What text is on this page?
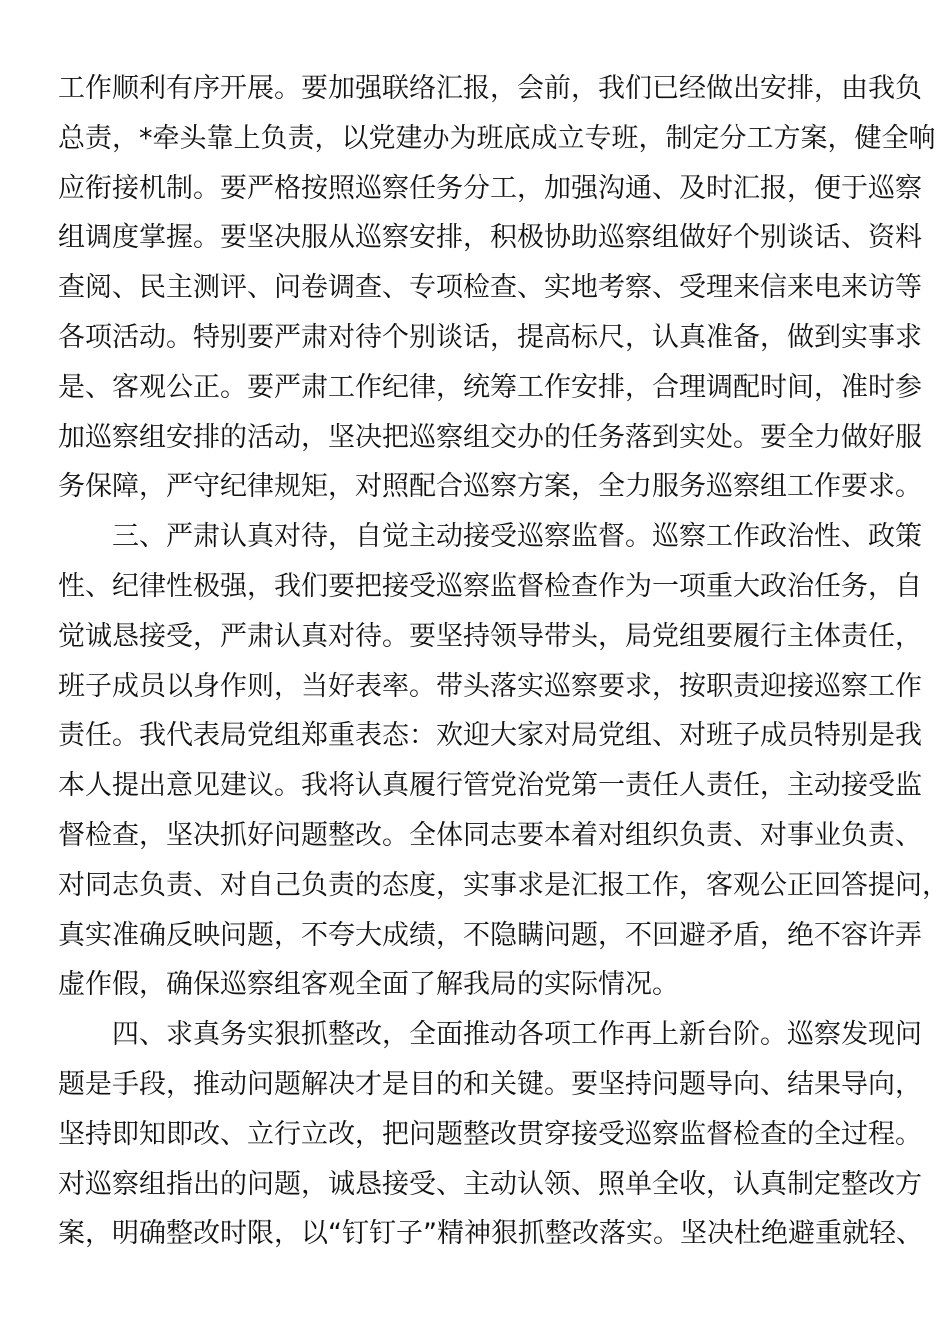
工作顺利有序开展。要加强联络汇报，会前，我们已经做出安排，由我负
总责，*牵头靠上负责，以党建办为班底成立专班，制定分工方案，健全响
应衔接机制。要严格按照巡察任务分工，加强沟通、及时汇报，便于巡察
组调度掌握。要坚决服从巡察安排，积极协助巡察组做好个别谈话、资料
查阅、民主测评、问卷调查、专项检查、实地考察、受理来信来电来访等
各项活动。特别要严肃对待个别谈话，提高标尺，认真准备，做到实事求
是、客观公正。要严肃工作纪律，统筹工作安排，合理调配时间，准时参
加巡察组安排的活动，坚决把巡察组交办的任务落到实处。要全力做好服
务保障，严守纪律规矩，对照配合巡察方案，全力服务巡察组工作要求。
三、严肃认真对待，自觉主动接受巡察监督。巡察工作政治性、政策
性、纪律性极强，我们要把接受巡察监督检查作为一项重大政治任务，自
觉诚恳接受，严肃认真对待。要坚持领导带头，局党组要履行主体责任，
班子成员以身作则，当好表率。带头落实巡察要求，按职责迎接巡察工作
责任。我代表局党组郑重表态：欢迎大家对局党组、对班子成员特别是我
本人提出意见建议。我将认真履行管党治党第一责任人责任，主动接受监
督检查，坚决抓好问题整改。全体同志要本着对组织负责、对事业负责、
对同志负责、对自己负责的态度，实事求是汇报工作，客观公正回答提问，
真实准确反映问题，不夸大成绩，不隐瞒问题，不回避矛盾，绝不容许弄
虚作假，确保巡察组客观全面了解我局的实际情况。
四、求真务实狠抓整改，全面推动各项工作再上新台阶。巡察发现问
题是手段，推动问题解决才是目的和关键。要坚持问题导向、结果导向，
坚持即知即改、立行立改，把问题整改贯穿接受巡察监督检查的全过程。
对巡察组指出的问题，诚恳接受、主动认领、照单全收，认真制定整改方
案，明确整改时限，以“钉钉子”精神狠抓整改落实。坚决杜绝避重就轻、
